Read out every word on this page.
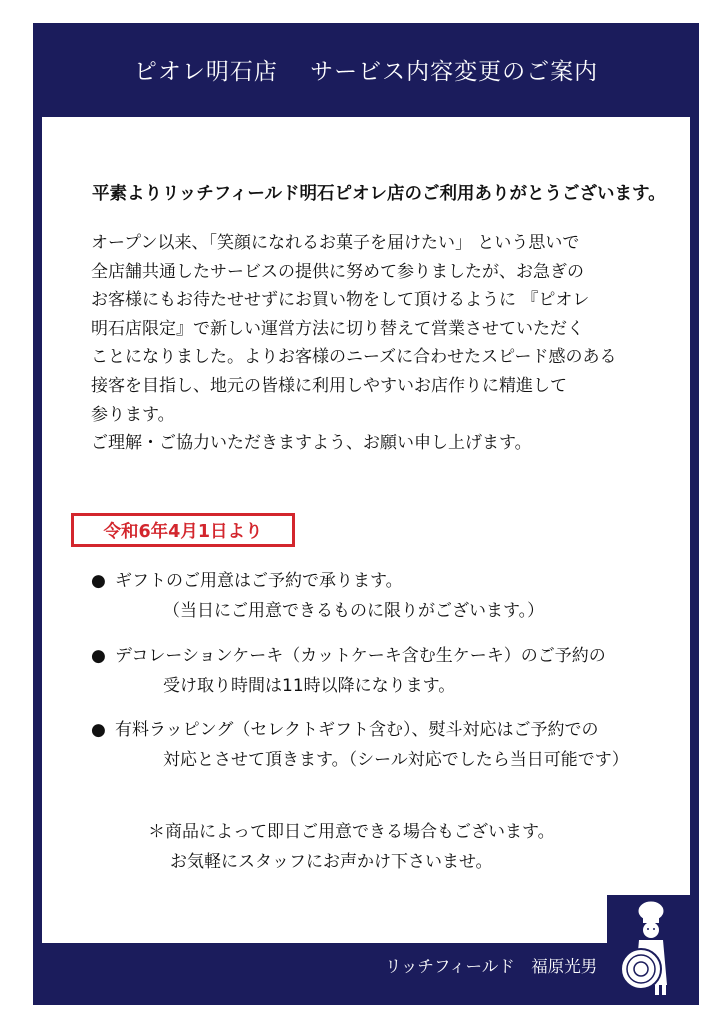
ピオレ明石店　 サービス内容変更のご案内
平素よりリッチフィールド明石ピオレ店のご利用ありがとうございます。
オープン以来、「笑顔になれるお菓子を届けたい」 という思いで
全店舗共通したサービスの提供に努めて参りましたが、お急ぎの
お客様にもお待たせせずにお買い物をして頂けるように 『ピオレ
明石店限定』で新しい運営方法に切り替えて営業させていただく
ことになりました。よりお客様のニーズに合わせたスピード感のある
接客を目指し、地元の皆様に利用しやすいお店作りに精進して
参ります。
ご理解・ご協力いただきますよう、お願い申し上げます。
令和6年4月1日より
● ギフトのご用意はご予約で承ります。
（当日にご用意できるものに限りがございます。）
● デコレーションケーキ（カットケーキ含む生ケーキ）のご予約の
受け取り時間は11時以降になります。
● 有料ラッピング（セレクトギフト含む）、熨斗対応はご予約での
対応とさせて頂きます。（シール対応でしたら当日可能です）
＊商品によって即日ご用意できる場合もございます。
お気軽にスタッフにお声かけ下さいませ。
リッチフィールド　福原光男
